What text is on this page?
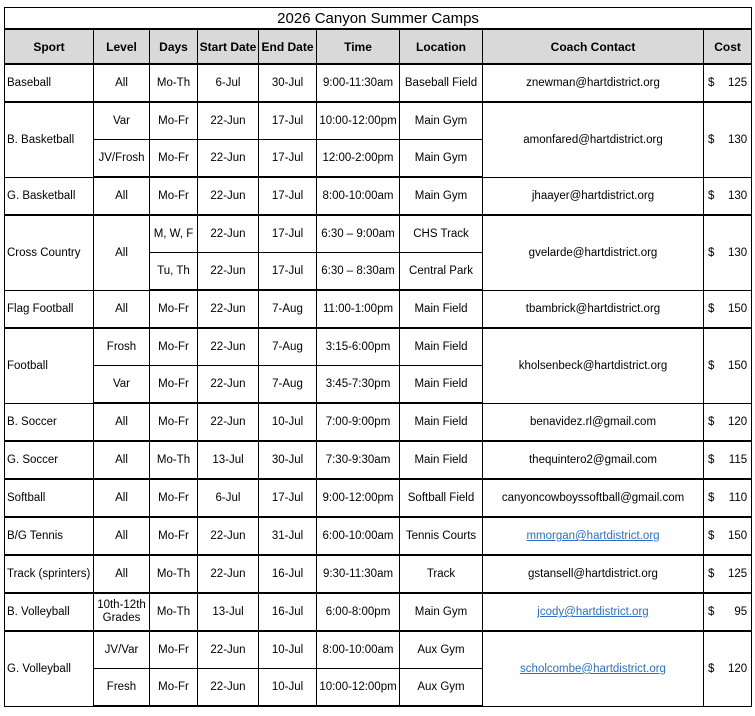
2026 Canyon Summer Camps								
Sport	Level	Days	Start Date	End Date	Time	Location	Coach Contact	Cost
Baseball	All	Mo-Th	6-Jul	30-Jul	9:00-11:30am	Baseball Field	znewman@hartdistrict.org	$ 125

B. Basketball	Var	Mo-Fr	22-Jun	17-Jul	10:00-12:00pm	Main Gym	amonfared@hartdistrict.org	$ 130

	JV/Frosh	Mo-Fr	22-Jun	17-Jul	12:00-2:00pm	Main Gym		
G. Basketball	All	Mo-Fr	22-Jun	17-Jul	8:00-10:00am	Main Gym	jhaayer@hartdistrict.org	$ 130

Cross Country	All	M, W, F	22-Jun	17-Jul	6:30 – 9:00am	CHS Track	gvelarde@hartdistrict.org	$ 130

		Tu, Th	22-Jun	17-Jul	6:30 – 8:30am	Central Park		
Flag Football	All	Mo-Fr	22-Jun	7-Aug	11:00-1:00pm	Main Field	tbambrick@hartdistrict.org	$ 150

Football	Frosh	Mo-Fr	22-Jun	7-Aug	3:15-6:00pm	Main Field	kholsenbeck@hartdistrict.org	$ 150

	Var	Mo-Fr	22-Jun	7-Aug	3:45-7:30pm	Main Field		
B. Soccer	All	Mo-Fr	22-Jun	10-Jul	7:00-9:00pm	Main Field	benavidez.rl@gmail.com	$ 120

G. Soccer	All	Mo-Th	13-Jul	30-Jul	7:30-9:30am	Main Field	thequintero2@gmail.com	$ 115

Softball	All	Mo-Fr	6-Jul	17-Jul	9:00-12:00pm	Softball Field	canyoncowboyssoftball@gmail.com	$ 110

B/G Tennis	All	Mo-Fr	22-Jun	31-Jul	6:00-10:00am	Tennis Courts	mmorgan@hartdistrict.org	$ 150

Track (sprinters)	All	Mo-Th	22-Jun	16-Jul	9:30-11:30am	Track	gstansell@hartdistrict.org	$ 125

B. Volleyball	10th-12th Grades	Mo-Th	13-Jul	16-Jul	6:00-8:00pm	Main Gym	jcody@hartdistrict.org	$ 95

G. Volleyball	JV/Var	Mo-Fr	22-Jun	10-Jul	8:00-10:00am	Aux Gym	scholcombe@hartdistrict.org	$ 120

	Fresh	Mo-Fr	22-Jun	10-Jul	10:00-12:00pm	Aux Gym		
